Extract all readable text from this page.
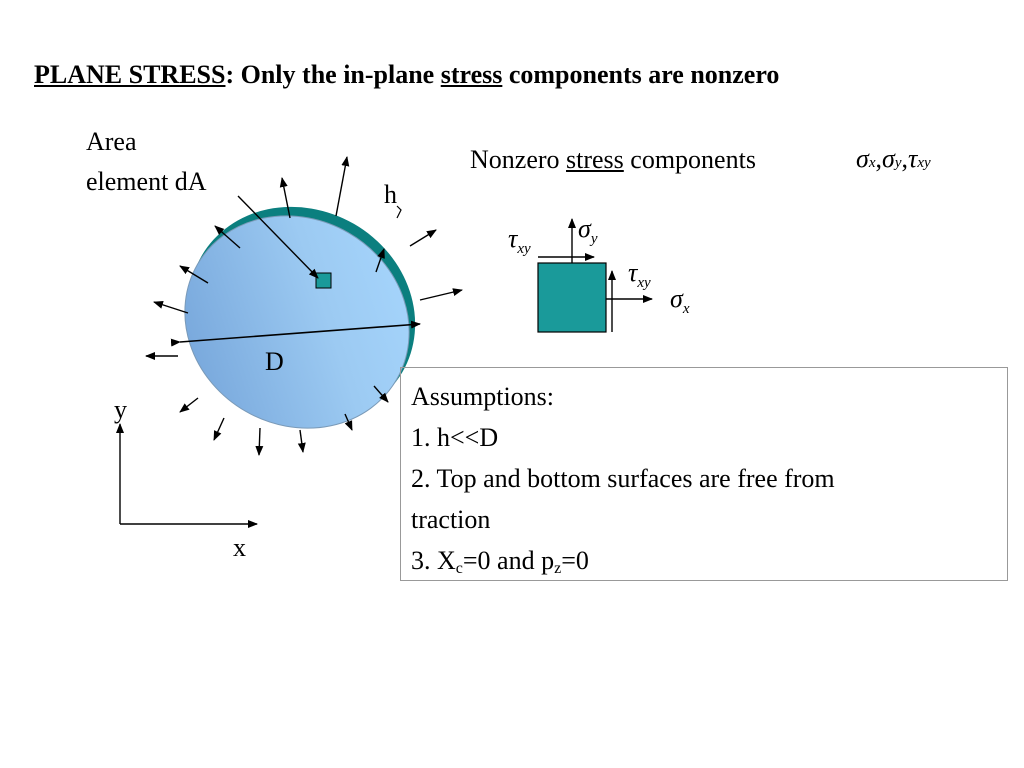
PLANE STRESS: Only the in-plane stress components are nonzero
Area
element dA	h
D
y
x
Nonzero stress components	σx,σy,τxy
$\tau_{xy}$
$\sigma_y$
$\tau_{xy}$
$\sigma_x$
Assumptions:
1. h<<D
2. Top and bottom surfaces are free from
traction
3. $X_c=0$ and $p_z=0$
